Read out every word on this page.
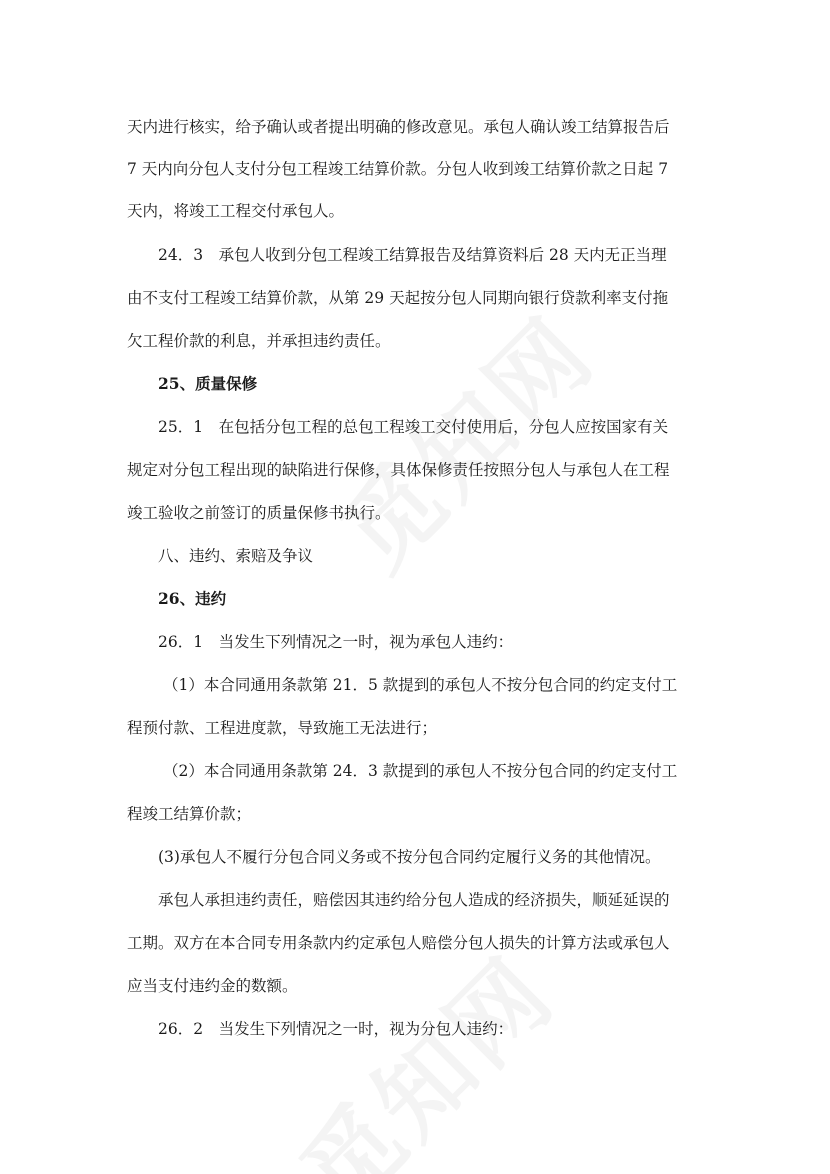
天内进行核实，给予确认或者提出明确的修改意见。承包人确认竣工结算报告后
7 天内向分包人支付分包工程竣工结算价款。分包人收到竣工结算价款之日起 7
天内，将竣工工程交付承包人。
24．3　承包人收到分包工程竣工结算报告及结算资料后 28 天内无正当理
由不支付工程竣工结算价款，从第 29 天起按分包人同期向银行贷款利率支付拖
欠工程价款的利息，并承担违约责任。
25、质量保修
25．1　在包括分包工程的总包工程竣工交付使用后，分包人应按国家有关
规定对分包工程出现的缺陷进行保修，具体保修责任按照分包人与承包人在工程
竣工验收之前签订的质量保修书执行。
八、违约、索赔及争议
26、违约
26．1　当发生下列情况之一时，视为承包人违约：
（1）本合同通用条款第 21．5 款提到的承包人不按分包合同的约定支付工
程预付款、工程进度款，导致施工无法进行；
（2）本合同通用条款第 24．3 款提到的承包人不按分包合同的约定支付工
程竣工结算价款；
(3)承包人不履行分包合同义务或不按分包合同约定履行义务的其他情况。
承包人承担违约责任，赔偿因其违约给分包人造成的经济损失，顺延延误的
工期。双方在本合同专用条款内约定承包人赔偿分包人损失的计算方法或承包人
应当支付违约金的数额。
26．2　当发生下列情况之一时，视为分包人违约：
